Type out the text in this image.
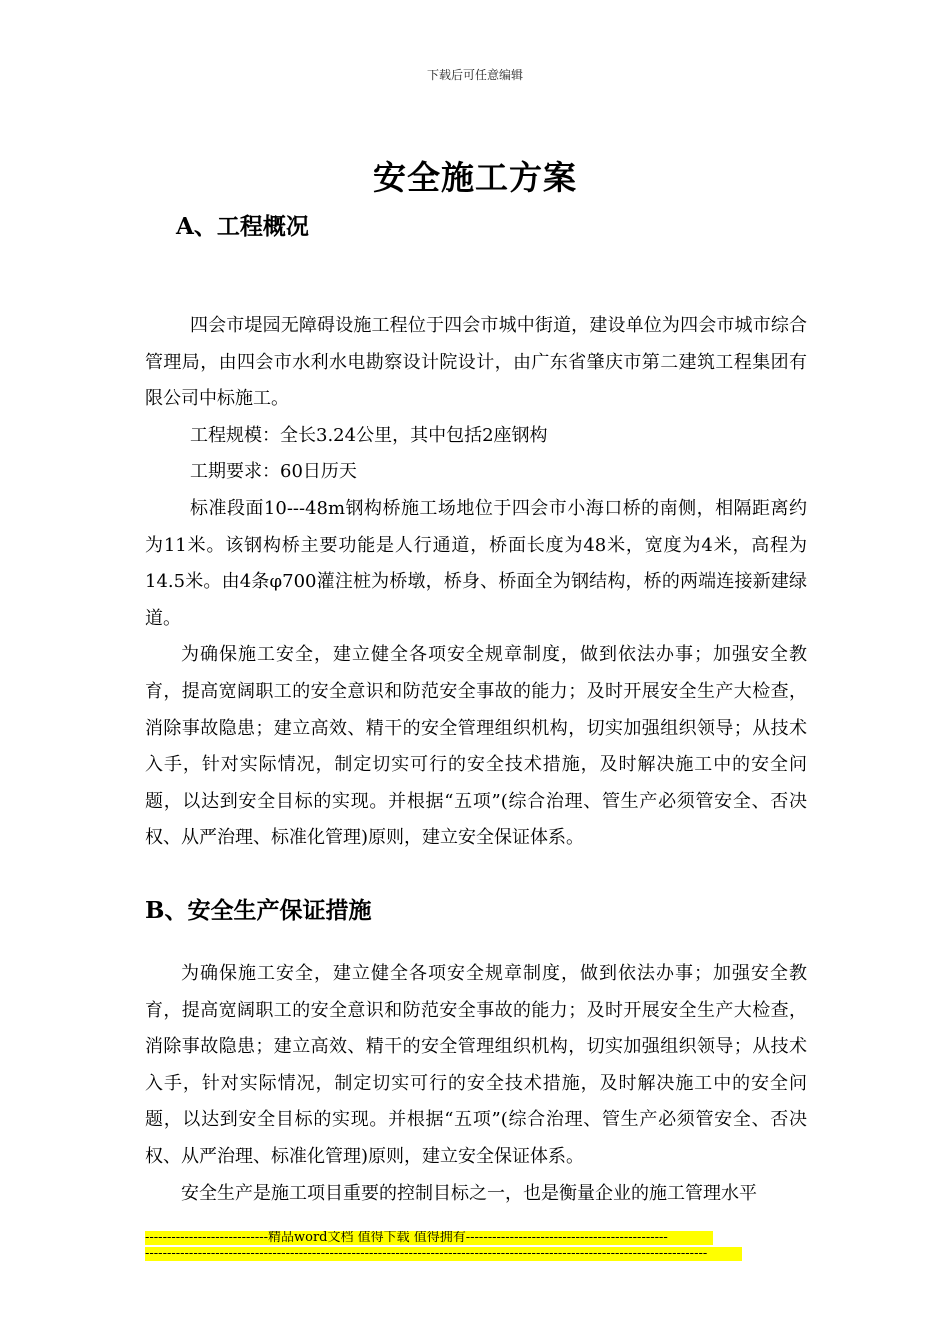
下载后可任意编辑
安全施工方案
A、工程概况

四会市堤园无障碍设施工程位于四会市城中街道，建设单位为四会市城市综合管理局，由四会市水利水电勘察设计院设计，由广东省肇庆市第二建筑工程集团有限公司中标施工。

工程规模：全长3.24公里，其中包括2座钢构

工期要求：60日历天

标准段面10---48m钢构桥施工场地位于四会市小海口桥的南侧，相隔距离约为11米。该钢构桥主要功能是人行通道，桥面长度为48米，宽度为4米，高程为14.5米。由4条φ700灌注桩为桥墩，桥身、桥面全为钢结构，桥的两端连接新建绿道。

为确保施工安全，建立健全各项安全规章制度，做到依法办事；加强安全教育，提高宽阔职工的安全意识和防范安全事故的能力；及时开展安全生产大检查，消除事故隐患；建立高效、精干的安全管理组织机构，切实加强组织领导；从技术入手，针对实际情况，制定切实可行的安全技术措施，及时解决施工中的安全问题，以达到安全目标的实现。并根据“五项”(综合治理、管生产必须管安全、否决权、从严治理、标准化管理)原则，建立安全保证体系。

B、安全生产保证措施

为确保施工安全，建立健全各项安全规章制度，做到依法办事；加强安全教育，提高宽阔职工的安全意识和防范安全事故的能力；及时开展安全生产大检查，消除事故隐患；建立高效、精干的安全管理组织机构，切实加强组织领导；从技术入手，针对实际情况，制定切实可行的安全技术措施，及时解决施工中的安全问题，以达到安全目标的实现。并根据“五项”(综合治理、管生产必须管安全、否决权、从严治理、标准化管理)原则，建立安全保证体系。

安全生产是施工项目重要的控制目标之一，也是衡量企业的施工管理水平

----------------------------精品word文档 值得下载 值得拥有----------------------------------------------
--------------------------------------------------------------------------------------------------------------------------------
